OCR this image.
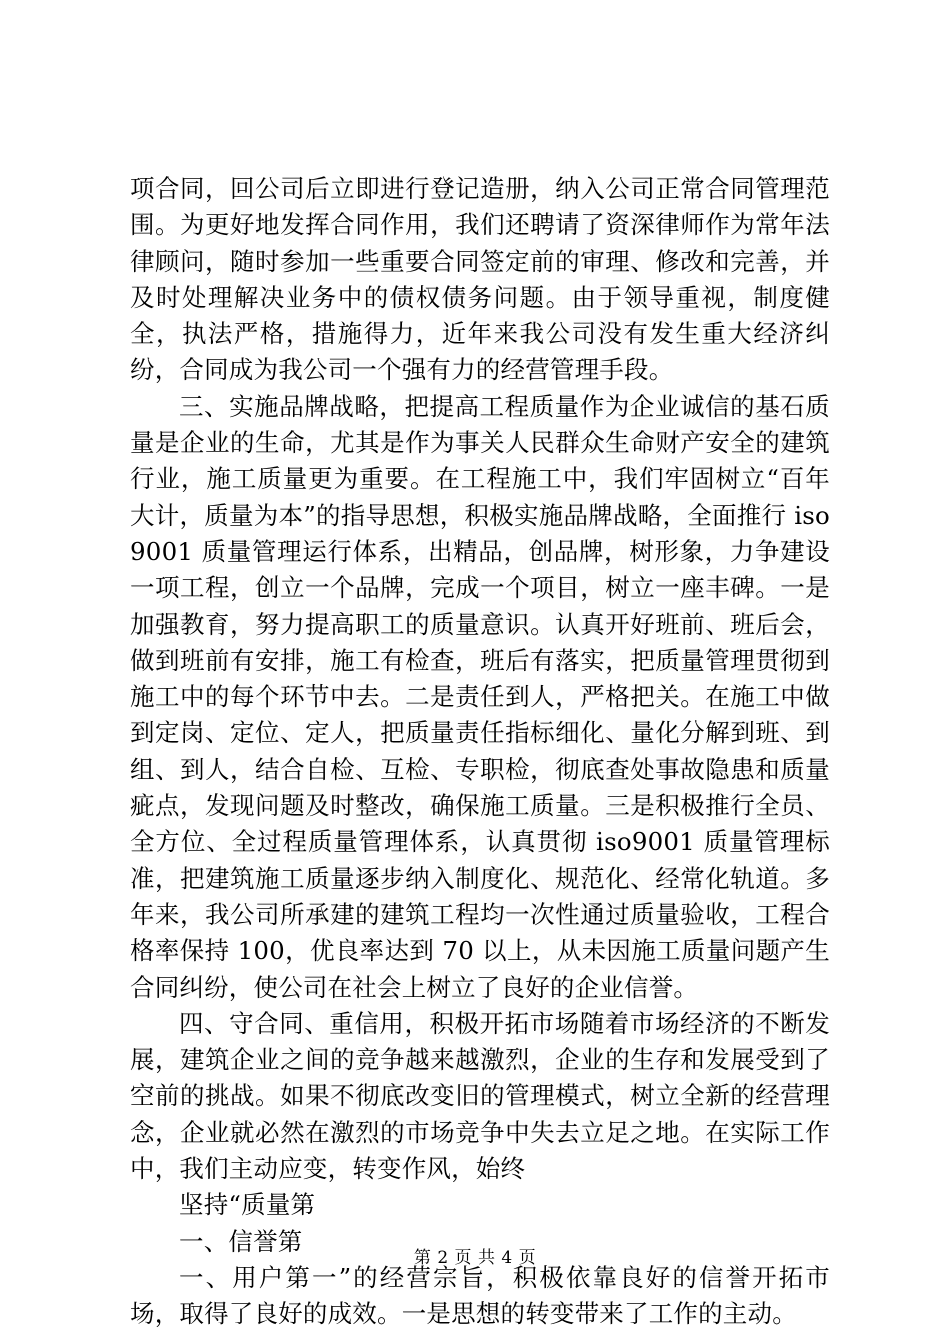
项合同，回公司后立即进行登记造册，纳入公司正常合同管理范围。为更好地发挥合同作用，我们还聘请了资深律师作为常年法律顾问，随时参加一些重要合同签定前的审理、修改和完善，并及时处理解决业务中的债权债务问题。由于领导重视，制度健全，执法严格，措施得力，近年来我公司没有发生重大经济纠纷，合同成为我公司一个强有力的经营管理手段。

三、实施品牌战略，把提高工程质量作为企业诚信的基石质量是企业的生命，尤其是作为事关人民群众生命财产安全的建筑行业，施工质量更为重要。在工程施工中，我们牢固树立“百年大计，质量为本”的指导思想，积极实施品牌战略，全面推行 iso9001 质量管理运行体系，出精品，创品牌，树形象，力争建设一项工程，创立一个品牌，完成一个项目，树立一座丰碑。一是加强教育，努力提高职工的质量意识。认真开好班前、班后会，做到班前有安排，施工有检查，班后有落实，把质量管理贯彻到施工中的每个环节中去。二是责任到人，严格把关。在施工中做到定岗、定位、定人，把质量责任指标细化、量化分解到班、到组、到人，结合自检、互检、专职检，彻底查处事故隐患和质量疵点，发现问题及时整改，确保施工质量。三是积极推行全员、全方位、全过程质量管理体系，认真贯彻 iso9001 质量管理标准，把建筑施工质量逐步纳入制度化、规范化、经常化轨道。多年来，我公司所承建的建筑工程均一次性通过质量验收，工程合格率保持 100，优良率达到 70 以上，从未因施工质量问题产生合同纠纷，使公司在社会上树立了良好的企业信誉。

四、守合同、重信用，积极开拓市场随着市场经济的不断发展，建筑企业之间的竞争越来越激烈，企业的生存和发展受到了空前的挑战。如果不彻底改变旧的管理模式，树立全新的经营理念，企业就必然在激烈的市场竞争中失去立足之地。在实际工作中，我们主动应变，转变作风，始终

坚持“质量第

一、信誉第

一、用户第一”的经营宗旨，积极依靠良好的信誉开拓市场，取得了良好的成效。一是思想的转变带来了工作的主动。

第 2 页 共 4 页
